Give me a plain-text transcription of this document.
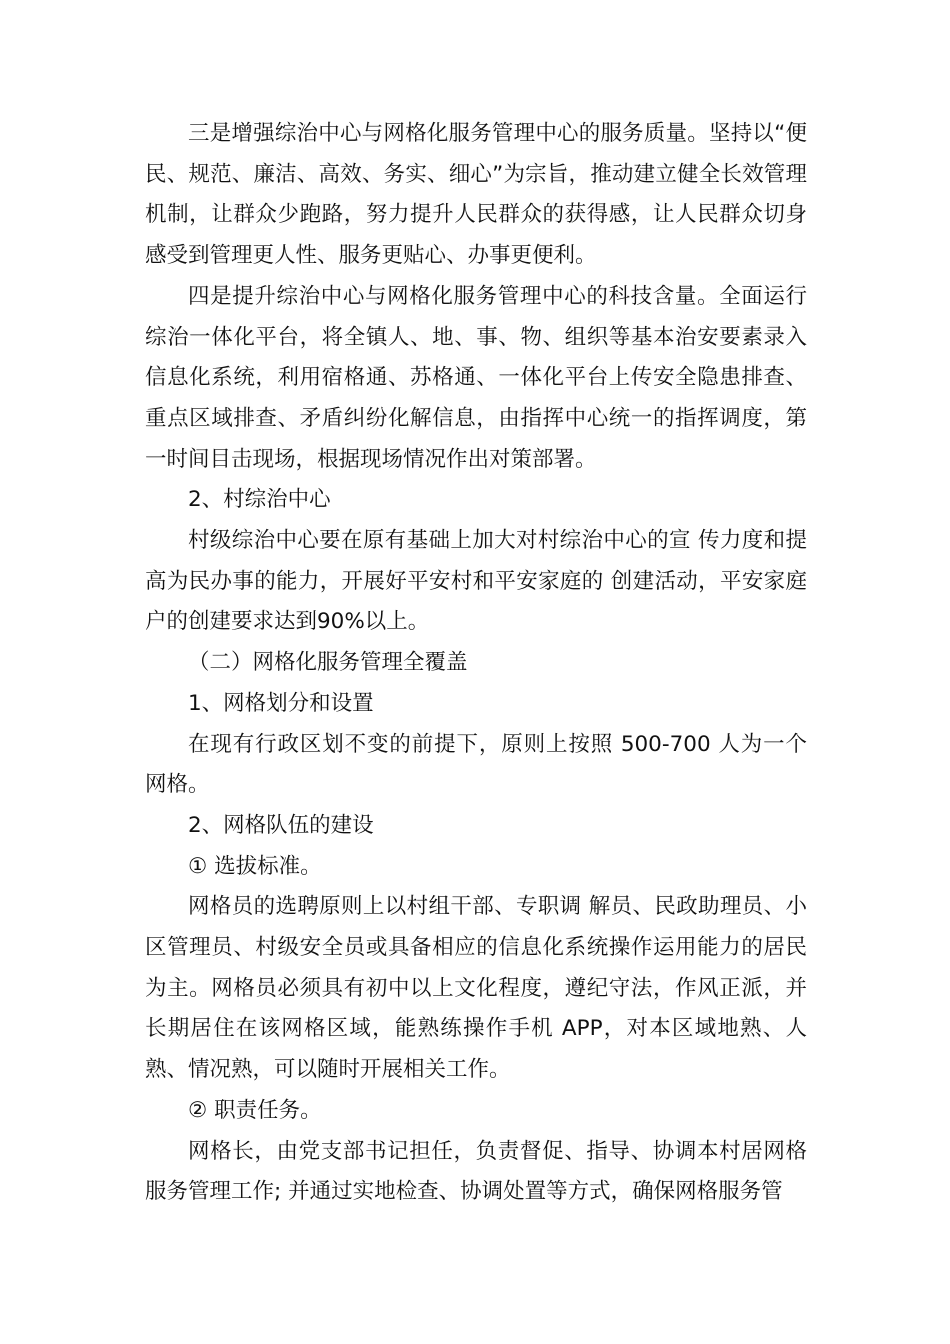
三是增强综治中心与网格化服务管理中心的服务质量。坚持以“便民、规范、廉洁、高效、务实、细心”为宗旨，推动建立健全长效管理机制，让群众少跑路，努力提升人民群众的获得感，让人民群众切身感受到管理更人性、服务更贴心、办事更便利。

四是提升综治中心与网格化服务管理中心的科技含量。全面运行综治一体化平台，将全镇人、地、事、物、组织等基本治安要素录入信息化系统，利用宿格通、苏格通、一体化平台上传安全隐患排查、重点区域排查、矛盾纠纷化解信息，由指挥中心统一的指挥调度，第一时间目击现场，根据现场情况作出对策部署。

2、村综治中心

村级综治中心要在原有基础上加大对村综治中心的宣 传力度和提高为民办事的能力，开展好平安村和平安家庭的 创建活动，平安家庭户的创建要求达到90%以上。

（二）网格化服务管理全覆盖

1、网格划分和设置

在现有行政区划不变的前提下，原则上按照 500-700 人为一个网格。

2、网格队伍的建设

① 选拔标准。

网格员的选聘原则上以村组干部、专职调 解员、民政助理员、小区管理员、村级安全员或具备相应的信息化系统操作运用能力的居民为主。网格员必须具有初中以上文化程度，遵纪守法，作风正派，并长期居住在该网格区域，能熟练操作手机 APP，对本区域地熟、人熟、情况熟，可以随时开展相关工作。

② 职责任务。

网格长，由党支部书记担任，负责督促、指导、协调本村居网格服务管理工作; 并通过实地检查、协调处置等方式，确保网格服务管
